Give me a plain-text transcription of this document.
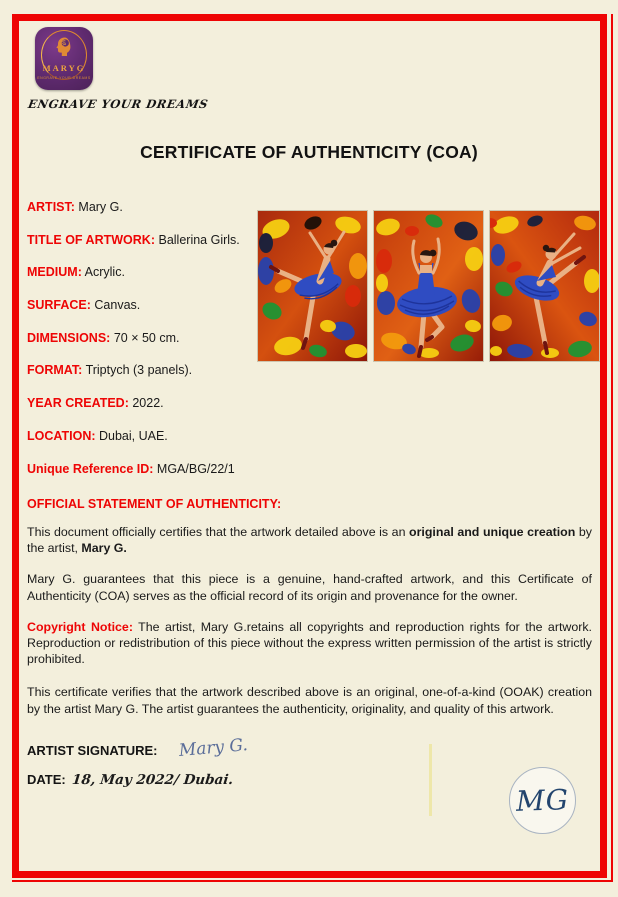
MARYG
ENGRAVE YOUR DREAMS
ENGRAVE YOUR DREAMS
CERTIFICATE OF AUTHENTICITY (COA)
ARTIST: Mary G.
TITLE OF ARTWORK: Ballerina Girls.
MEDIUM: Acrylic.
SURFACE: Canvas.
DIMENSIONS: 70 × 50 cm.
FORMAT: Triptych (3 panels).
YEAR CREATED: 2022.
LOCATION: Dubai, UAE.
Unique Reference ID: MGA/BG/22/1
OFFICIAL STATEMENT OF AUTHENTICITY:

This document officially certifies that the artwork detailed above is an original and unique creation by the artist, Mary G.

Mary G. guarantees that this piece is a genuine, hand-crafted artwork, and this Certificate of Authenticity (COA) serves as the official record of its origin and provenance for the owner.

Copyright Notice: The artist, Mary G.retains all copyrights and reproduction rights for the artwork. Reproduction or redistribution of this piece without the express written permission of the artist is strictly prohibited.

This certificate verifies that the artwork described above is an original, one-of-a-kind (OOAK) creation by the artist Mary G. The artist guarantees the authenticity, originality, and quality of this artwork.

ARTIST SIGNATURE: Mary G.
DATE: 18, May 2022/ Dubai.
MG
